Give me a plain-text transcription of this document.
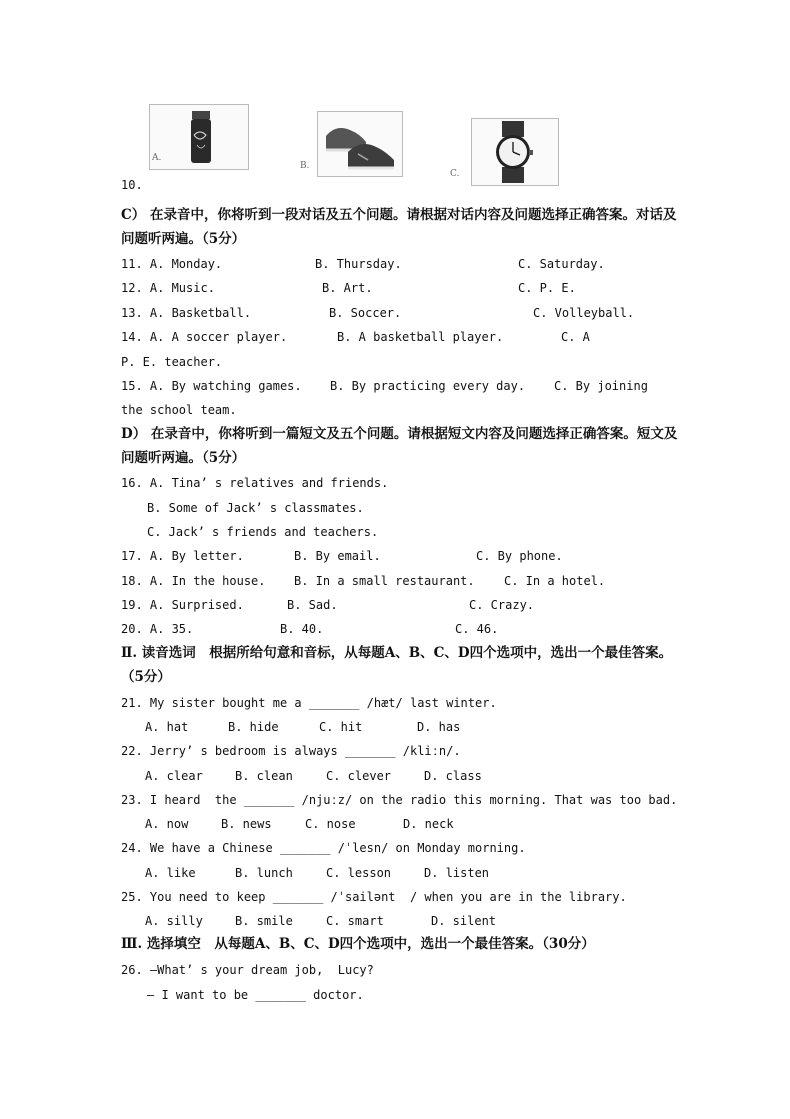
A.
B.
C.
10.
C） 在录音中，你将听到一段对话及五个问题。请根据对话内容及问题选择正确答案。对话及问题听两遍。（5分）
11. A. Monday.	B. Thursday.	C. Saturday.
12. A. Music.	B. Art.	C. P. E.
13. A. Basketball.	B. Soccer.	C. Volleyball.
14. A. A soccer player.	B. A basketball player.	C. A
P. E. teacher.
15. A. By watching games. B. By practicing every day. C. By joining
the school team.
D） 在录音中，你将听到一篇短文及五个问题。请根据短文内容及问题选择正确答案。短文及问题听两遍。（5分）
16. A. Tina’ s relatives and friends.
B. Some of Jack’ s classmates.
C. Jack’ s friends and teachers.
17. A. By letter.	B. By email.	C. By phone.
18. A. In the house. B. In a small restaurant. C. In a hotel.
19. A. Surprised.	B. Sad.	C. Crazy.
20. A. 35.	B. 40.	C. 46.
Ⅱ. 读音选词　根据所给句意和音标，从每题A、B、C、D四个选项中，选出一个最佳答案。（5分）
21. My sister bought me a _______ /hæt/ last winter.
A. hat	B. hide	C. hit	D. has
22. Jerry’ s bedroom is always _______ /kliːn/.
A. clear	B. clean	C. clever	D. class
23. I heard  the _______ /njuːz/ on the radio this morning. That was too bad.
A. now	B. news	C. nose	D. neck
24. We have a Chinese _______ /ˈlesn/ on Monday morning.
A. like	B. lunch	C. lesson	D. listen
25. You need to keep _______ /ˈsailənt  / when you are in the library.
A. silly	B. smile	C. smart	D. silent
Ⅲ. 选择填空　从每题A、B、C、D四个选项中，选出一个最佳答案。（30分）
26. —What’ s your dream job,  Lucy?
— I want to be _______ doctor.
